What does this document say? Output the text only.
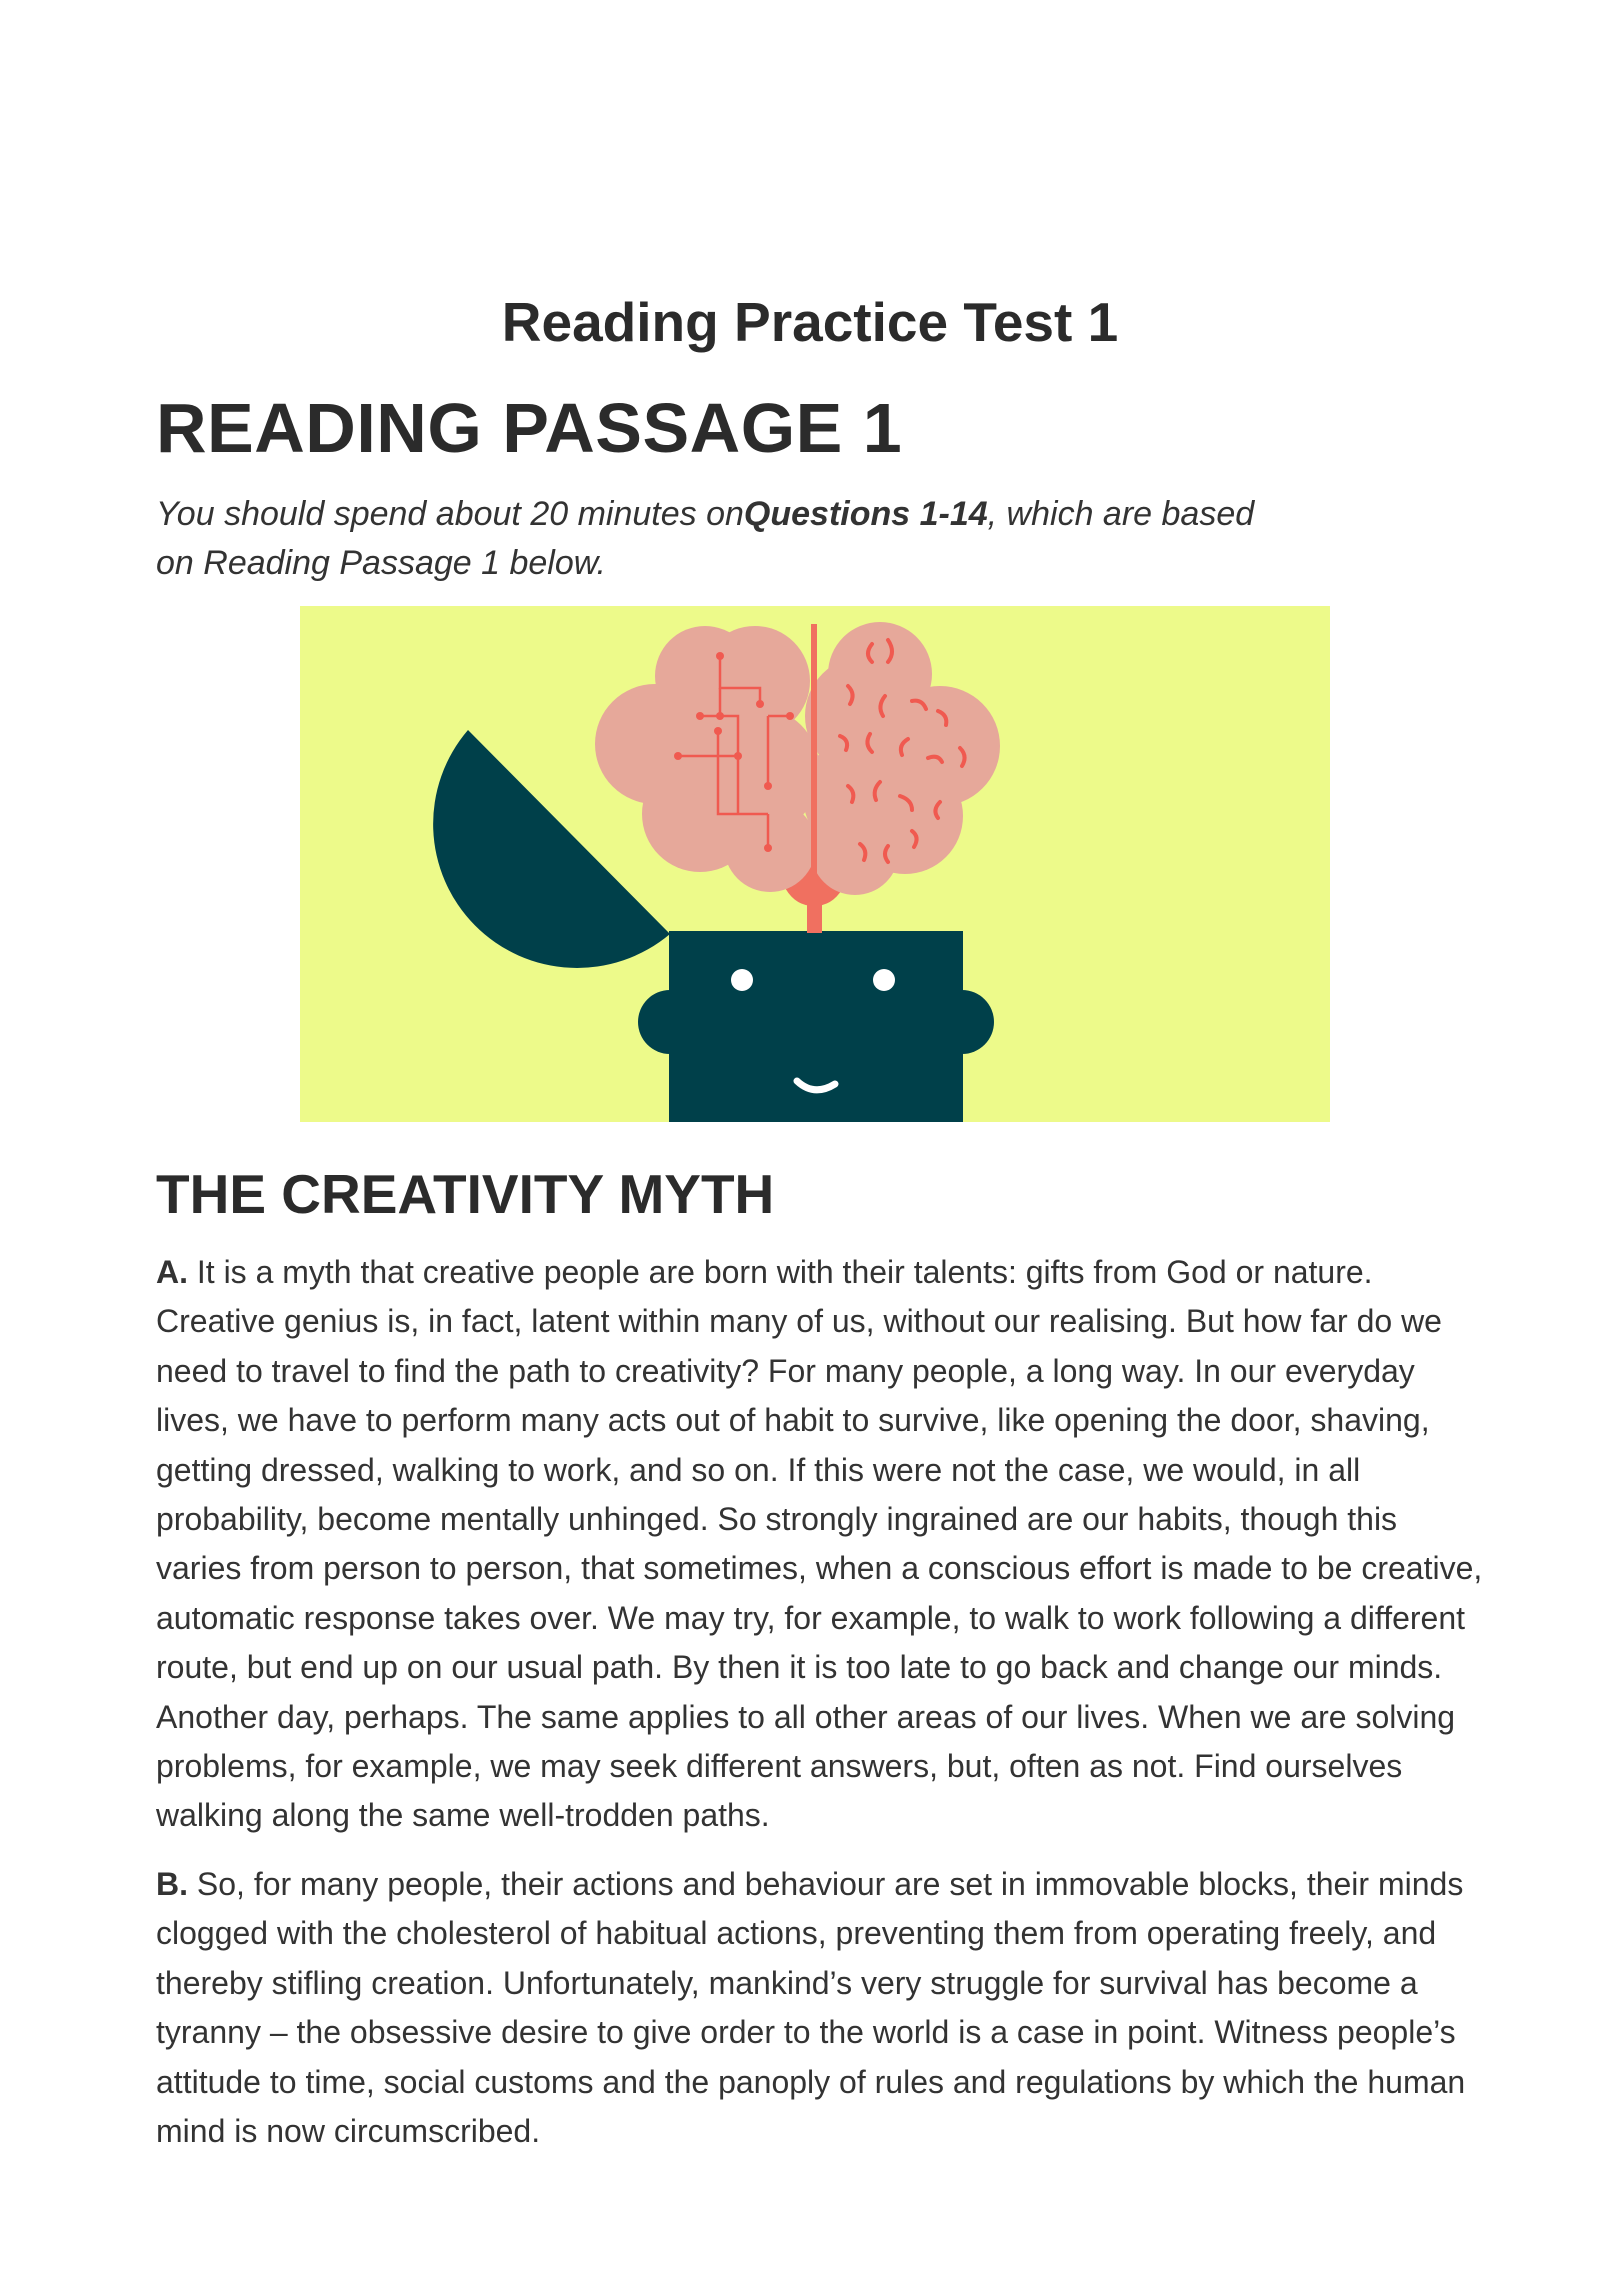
Reading Practice Test 1
READING PASSAGE 1

You should spend about 20 minutes onQuestions 1-14, which are based on Reading Passage 1 below.

THE CREATIVITY MYTH

A. It is a myth that creative people are born with their talents: gifts from God or nature. Creative genius is, in fact, latent within many of us, without our realising. But how far do we need to travel to find the path to creativity? For many people, a long way. In our everyday lives, we have to perform many acts out of habit to survive, like opening the door, shaving, getting dressed, walking to work, and so on. If this were not the case, we would, in all probability, become mentally unhinged. So strongly ingrained are our habits, though this varies from person to person, that sometimes, when a conscious effort is made to be creative, automatic response takes over. We may try, for example, to walk to work following a different route, but end up on our usual path. By then it is too late to go back and change our minds. Another day, perhaps. The same applies to all other areas of our lives. When we are solving problems, for example, we may seek different answers, but, often as not. Find ourselves walking along the same well-trodden paths.

B. So, for many people, their actions and behaviour are set in immovable blocks, their minds clogged with the cholesterol of habitual actions, preventing them from operating freely, and thereby stifling creation. Unfortunately, mankind’s very struggle for survival has become a tyranny – the obsessive desire to give order to the world is a case in point. Witness people’s attitude to time, social customs and the panoply of rules and regulations by which the human mind is now circumscribed.
